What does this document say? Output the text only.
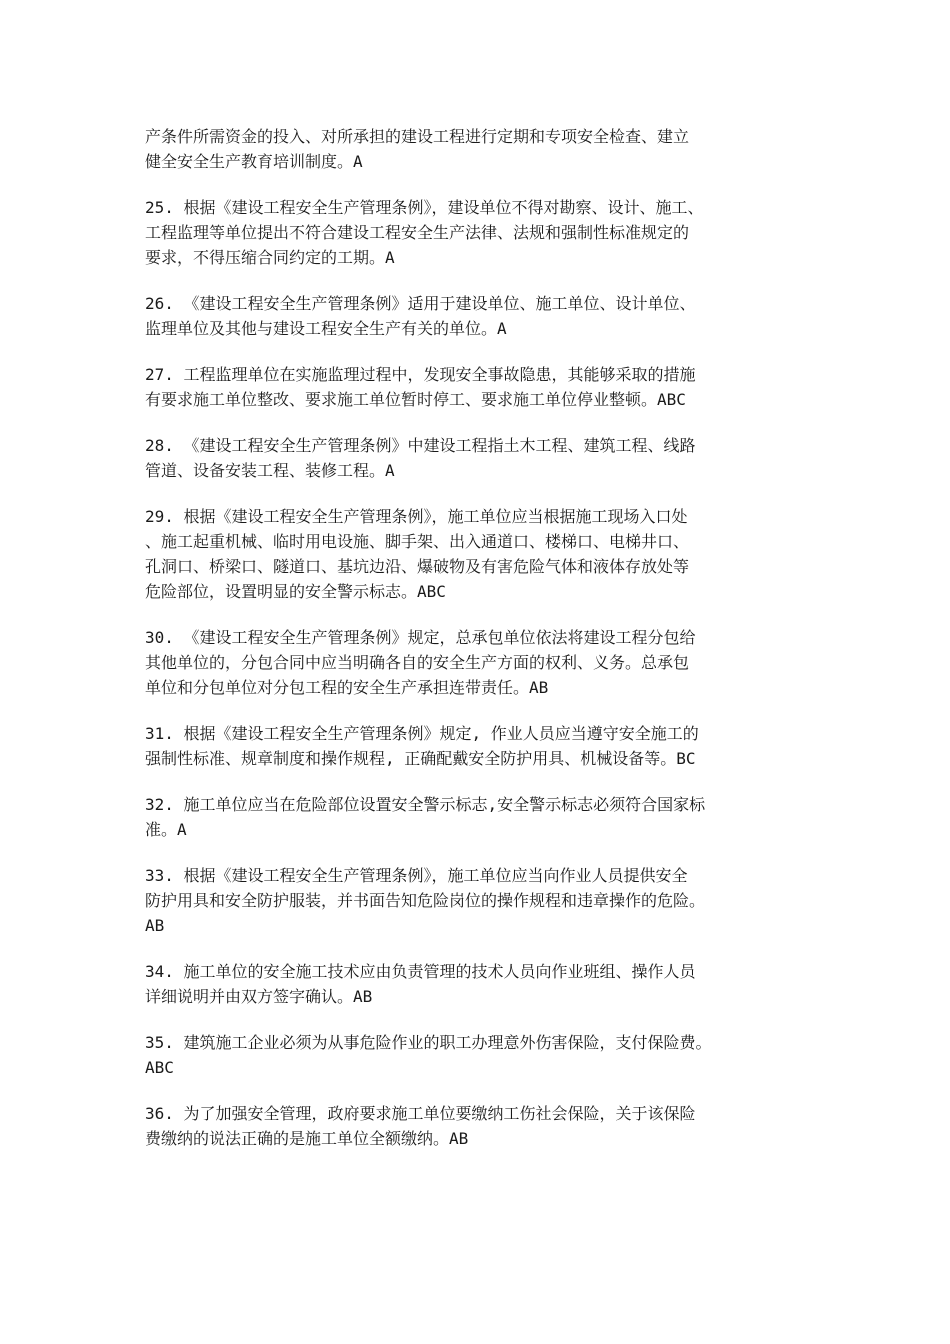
产条件所需资金的投入、对所承担的建设工程进行定期和专项安全检查、建立
健全安全生产教育培训制度。A

25. 根据《建设工程安全生产管理条例》，建设单位不得对勘察、设计、施工、
工程监理等单位提出不符合建设工程安全生产法律、法规和强制性标准规定的
要求，不得压缩合同约定的工期。A

26. 《建设工程安全生产管理条例》适用于建设单位、施工单位、设计单位、
监理单位及其他与建设工程安全生产有关的单位。A

27. 工程监理单位在实施监理过程中，发现安全事故隐患，其能够采取的措施
有要求施工单位整改、要求施工单位暂时停工、要求施工单位停业整顿。ABC

28. 《建设工程安全生产管理条例》中建设工程指土木工程、建筑工程、线路
管道、设备安装工程、装修工程。A

29. 根据《建设工程安全生产管理条例》，施工单位应当根据施工现场入口处
、施工起重机械、临时用电设施、脚手架、出入通道口、楼梯口、电梯井口、
孔洞口、桥梁口、隧道口、基坑边沿、爆破物及有害危险气体和液体存放处等
危险部位，设置明显的安全警示标志。ABC

30. 《建设工程安全生产管理条例》规定，总承包单位依法将建设工程分包给
其他单位的，分包合同中应当明确各自的安全生产方面的权利、义务。总承包
单位和分包单位对分包工程的安全生产承担连带责任。AB

31. 根据《建设工程安全生产管理条例》规定, 作业人员应当遵守安全施工的
强制性标准、规章制度和操作规程, 正确配戴安全防护用具、机械设备等。BC

32. 施工单位应当在危险部位设置安全警示标志,安全警示标志必须符合国家标
准。A

33. 根据《建设工程安全生产管理条例》，施工单位应当向作业人员提供安全
防护用具和安全防护服装，并书面告知危险岗位的操作规程和违章操作的危险。
AB

34. 施工单位的安全施工技术应由负责管理的技术人员向作业班组、操作人员
详细说明并由双方签字确认。AB

35. 建筑施工企业必须为从事危险作业的职工办理意外伤害保险，支付保险费。
ABC

36. 为了加强安全管理，政府要求施工单位要缴纳工伤社会保险，关于该保险
费缴纳的说法正确的是施工单位全额缴纳。AB
